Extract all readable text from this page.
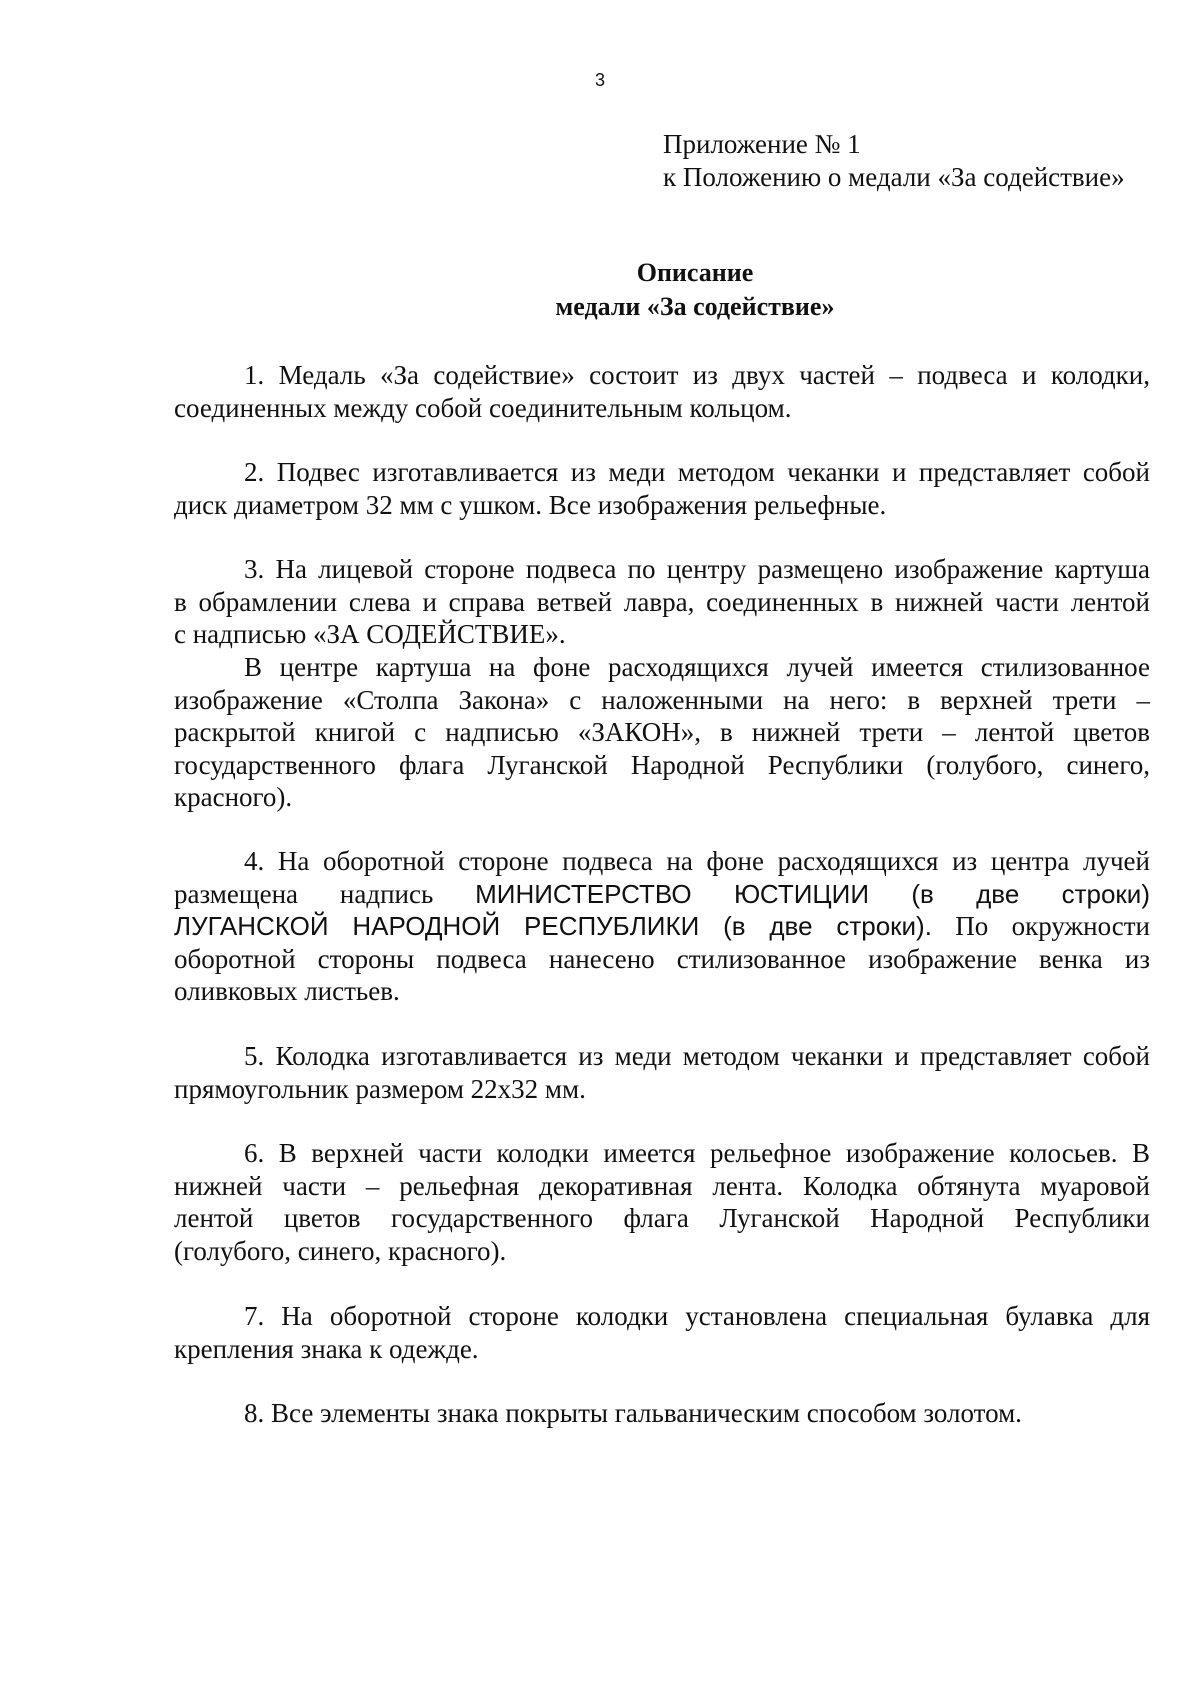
3
Приложение № 1
к Положению о медали «За содействие»
Описание
медали «За содействие»
1. Медаль «За содействие» состоит из двух частей – подвеса и колодки,
соединенных между собой соединительным кольцом.
2. Подвес изготавливается из меди методом чеканки и представляет собой
диск диаметром 32 мм с ушком. Все изображения рельефные.
3. На лицевой стороне подвеса по центру размещено изображение картуша
в обрамлении слева и справа ветвей лавра, соединенных в нижней части лентой
с надписью «ЗА СОДЕЙСТВИЕ».
В центре картуша на фоне расходящихся лучей имеется стилизованное
изображение «Столпа Закона» с наложенными на него: в верхней трети –
раскрытой книгой с надписью «ЗАКОН», в нижней трети – лентой цветов
государственного флага Луганской Народной Республики (голубого, синего,
красного).
4. На оборотной стороне подвеса на фоне расходящихся из центра лучей
размещена надпись МИНИСТЕРСТВО ЮСТИЦИИ (в две строки)
ЛУГАНСКОЙ НАРОДНОЙ РЕСПУБЛИКИ (в две строки). По окружности
оборотной стороны подвеса нанесено стилизованное изображение венка из
оливковых листьев.
5. Колодка изготавливается из меди методом чеканки и представляет собой
прямоугольник размером 22х32 мм.
6. В верхней части колодки имеется рельефное изображение колосьев. В
нижней части – рельефная декоративная лента. Колодка обтянута муаровой
лентой цветов государственного флага Луганской Народной Республики
(голубого, синего, красного).
7. На оборотной стороне колодки установлена специальная булавка для
крепления знака к одежде.
8. Все элементы знака покрыты гальваническим способом золотом.
